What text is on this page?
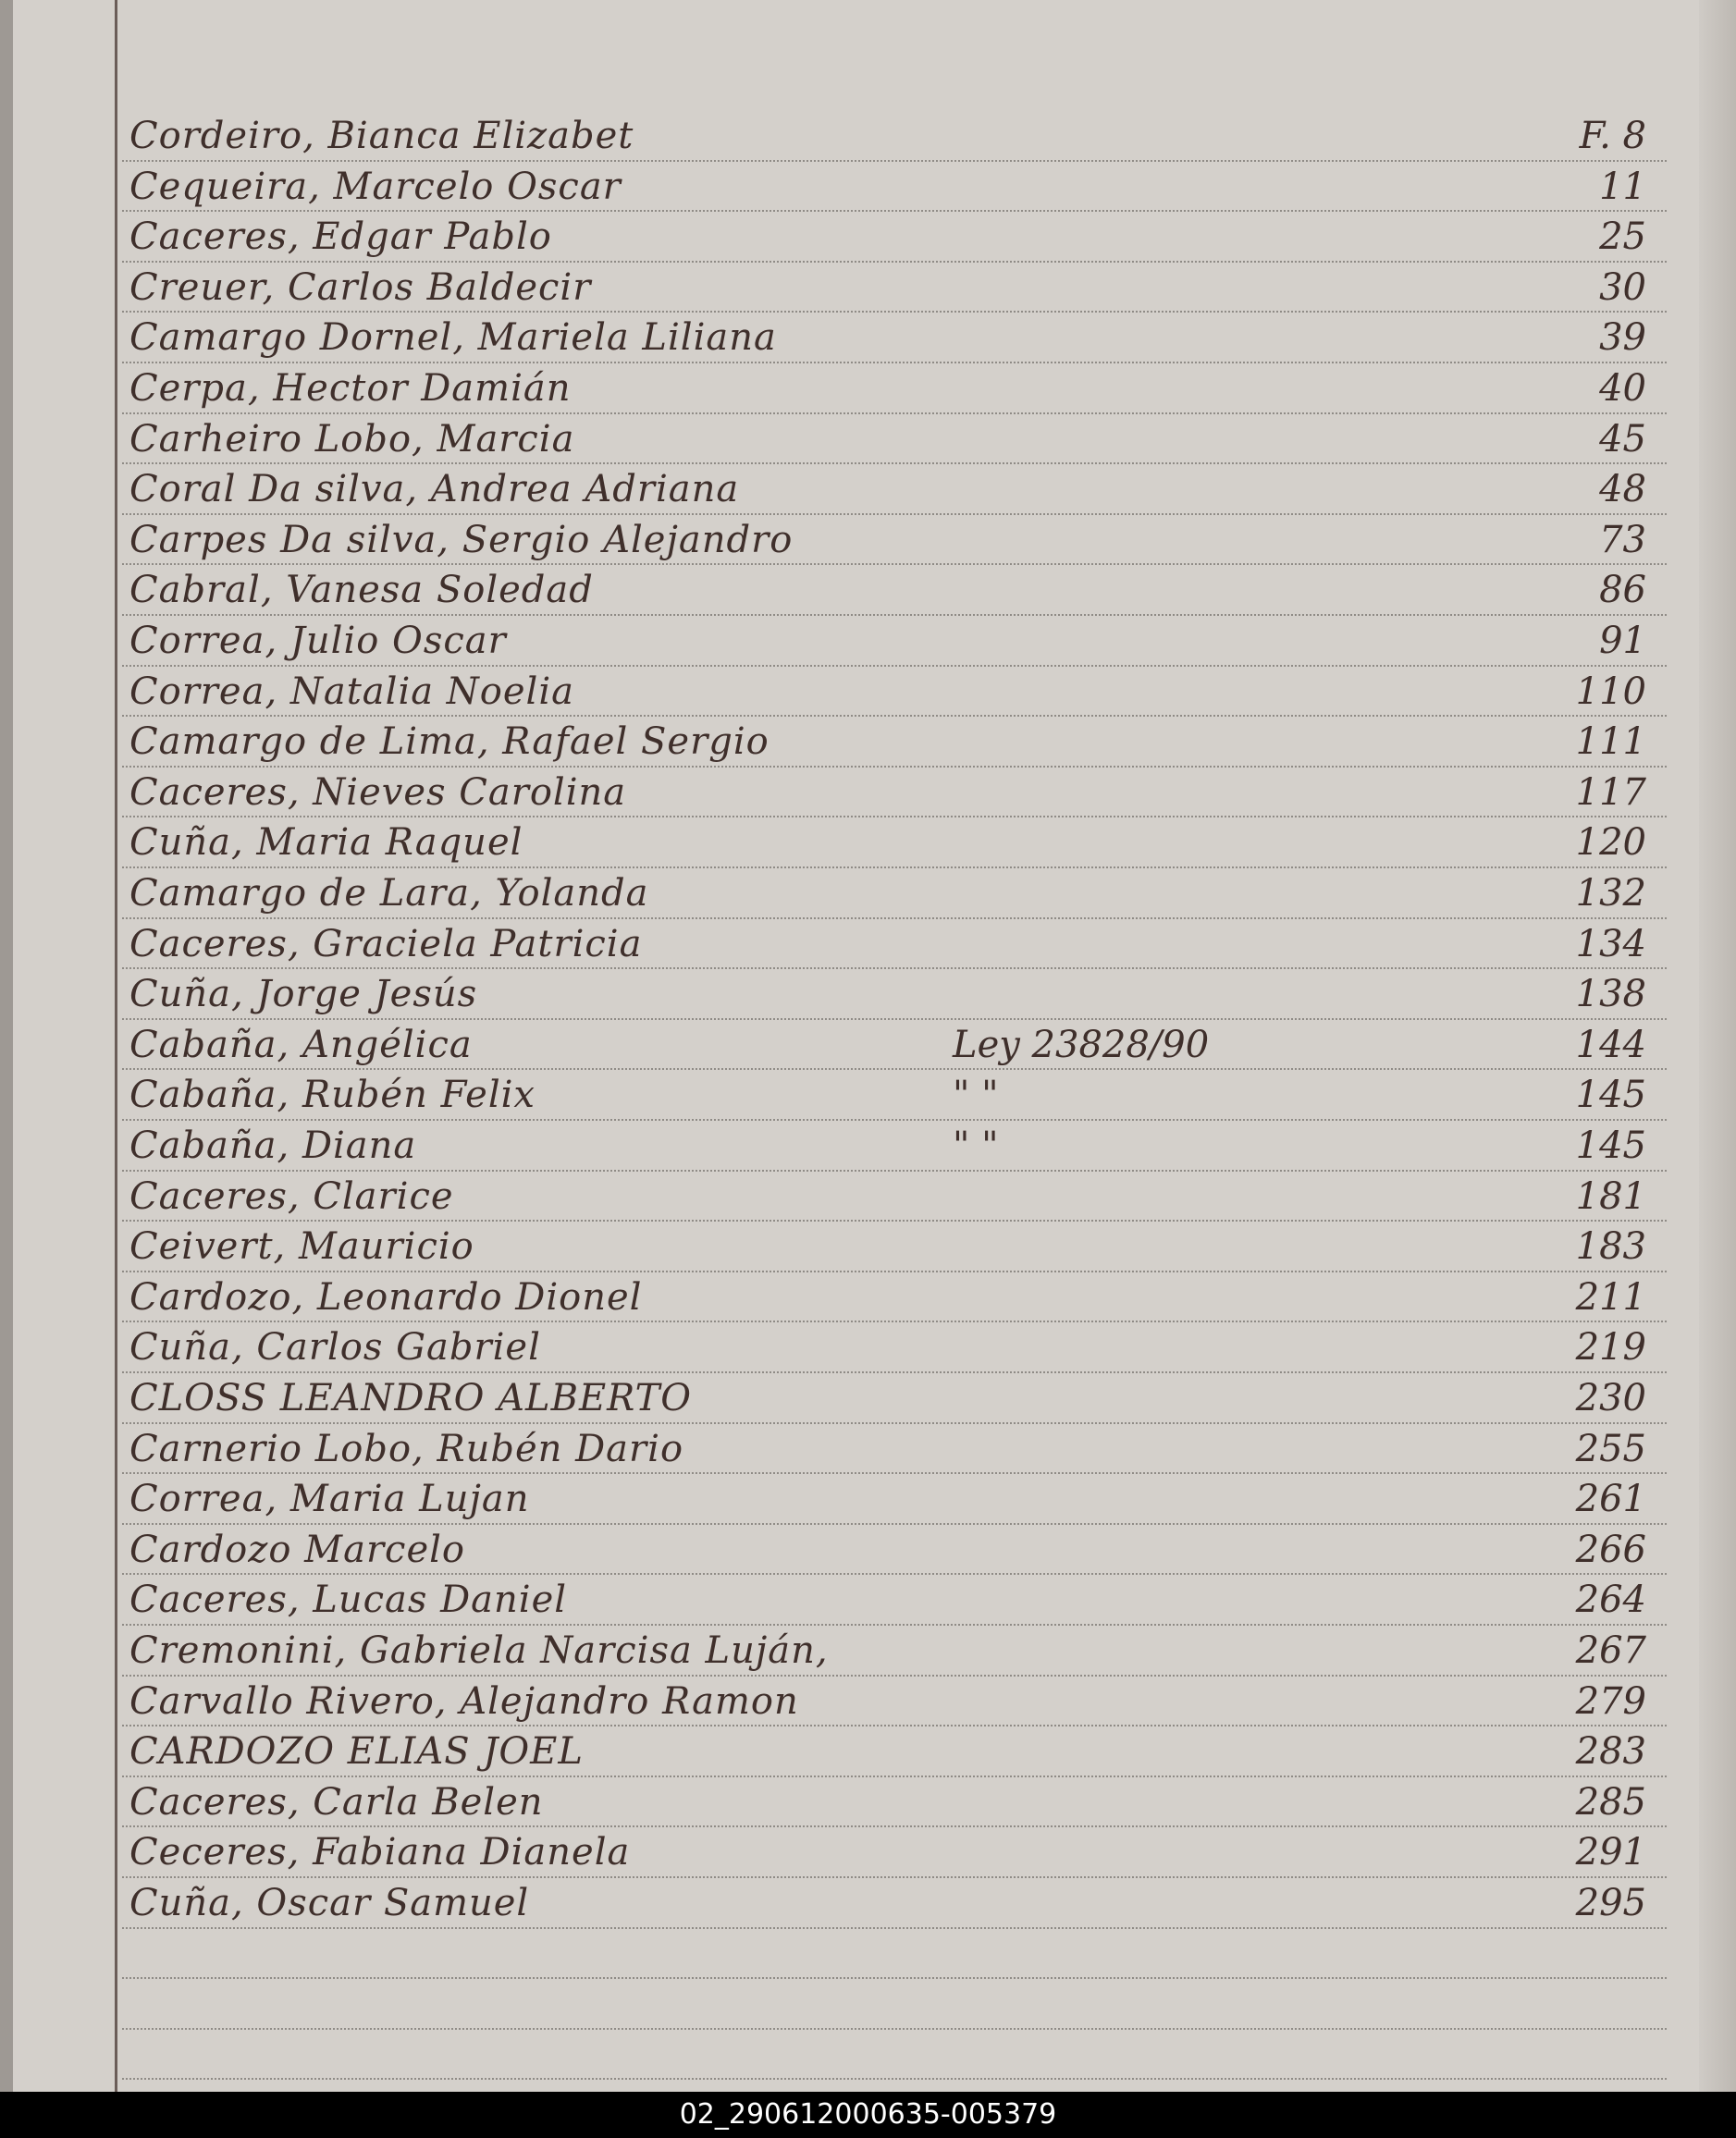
Cordeiro, Bianca Elizabet	F. 8
Cequeira, Marcelo Oscar	11
Caceres, Edgar Pablo	25
Creuer, Carlos Baldecir	30
Camargo Dornel, Mariela Liliana	39
Cerpa, Hector Damián	40
Carheiro Lobo, Marcia	45
Coral Da silva, Andrea Adriana	48
Carpes Da silva, Sergio Alejandro	73
Cabral, Vanesa Soledad	86
Correa, Julio Oscar	91
Correa, Natalia Noelia	110
Camargo de Lima, Rafael Sergio	111
Caceres, Nieves Carolina	117
Cuña, Maria Raquel	120
Camargo de Lara, Yolanda	132
Caceres, Graciela Patricia	134
Cuña, Jorge Jesús	138
Cabaña, Angélica	Ley 23828/90	144
Cabaña, Rubén Felix	" "	145
Cabaña, Diana	" "	145
Caceres, Clarice	181
Ceivert, Mauricio	183
Cardozo, Leonardo Dionel	211
Cuña, Carlos Gabriel	219
CLOSS LEANDRO ALBERTO	230
Carnerio Lobo, Rubén Dario	255
Correa, Maria Lujan	261
Cardozo Marcelo	266
Caceres, Lucas Daniel	264
Cremonini, Gabriela Narcisa Luján,	267
Carvallo Rivero, Alejandro Ramon	279
CARDOZO ELIAS JOEL	283
Caceres, Carla Belen	285
Ceceres, Fabiana Dianela	291
Cuña, Oscar Samuel	295
02_290612000635-005379
